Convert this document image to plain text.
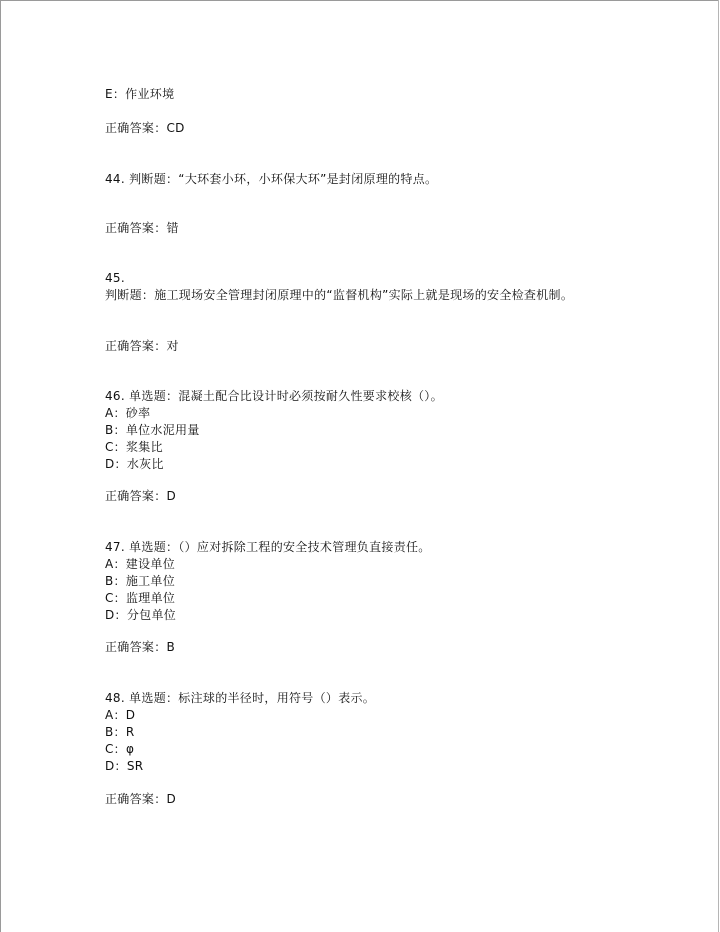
E：作业环境
正确答案：CD
44. 判断题：“大环套小环，小环保大环”是封闭原理的特点。
正确答案：错
45.
判断题：施工现场安全管理封闭原理中的“监督机构”实际上就是现场的安全检查机制。
正确答案：对
46. 单选题：混凝土配合比设计时必须按耐久性要求校核（）。
A：砂率
B：单位水泥用量
C：浆集比
D：水灰比
正确答案：D
47. 单选题：（）应对拆除工程的安全技术管理负直接责任。
A：建设单位
B：施工单位
C：监理单位
D：分包单位
正确答案：B
48. 单选题：标注球的半径时，用符号（）表示。
A：D
B：R
C：φ
D：SR
正确答案：D
